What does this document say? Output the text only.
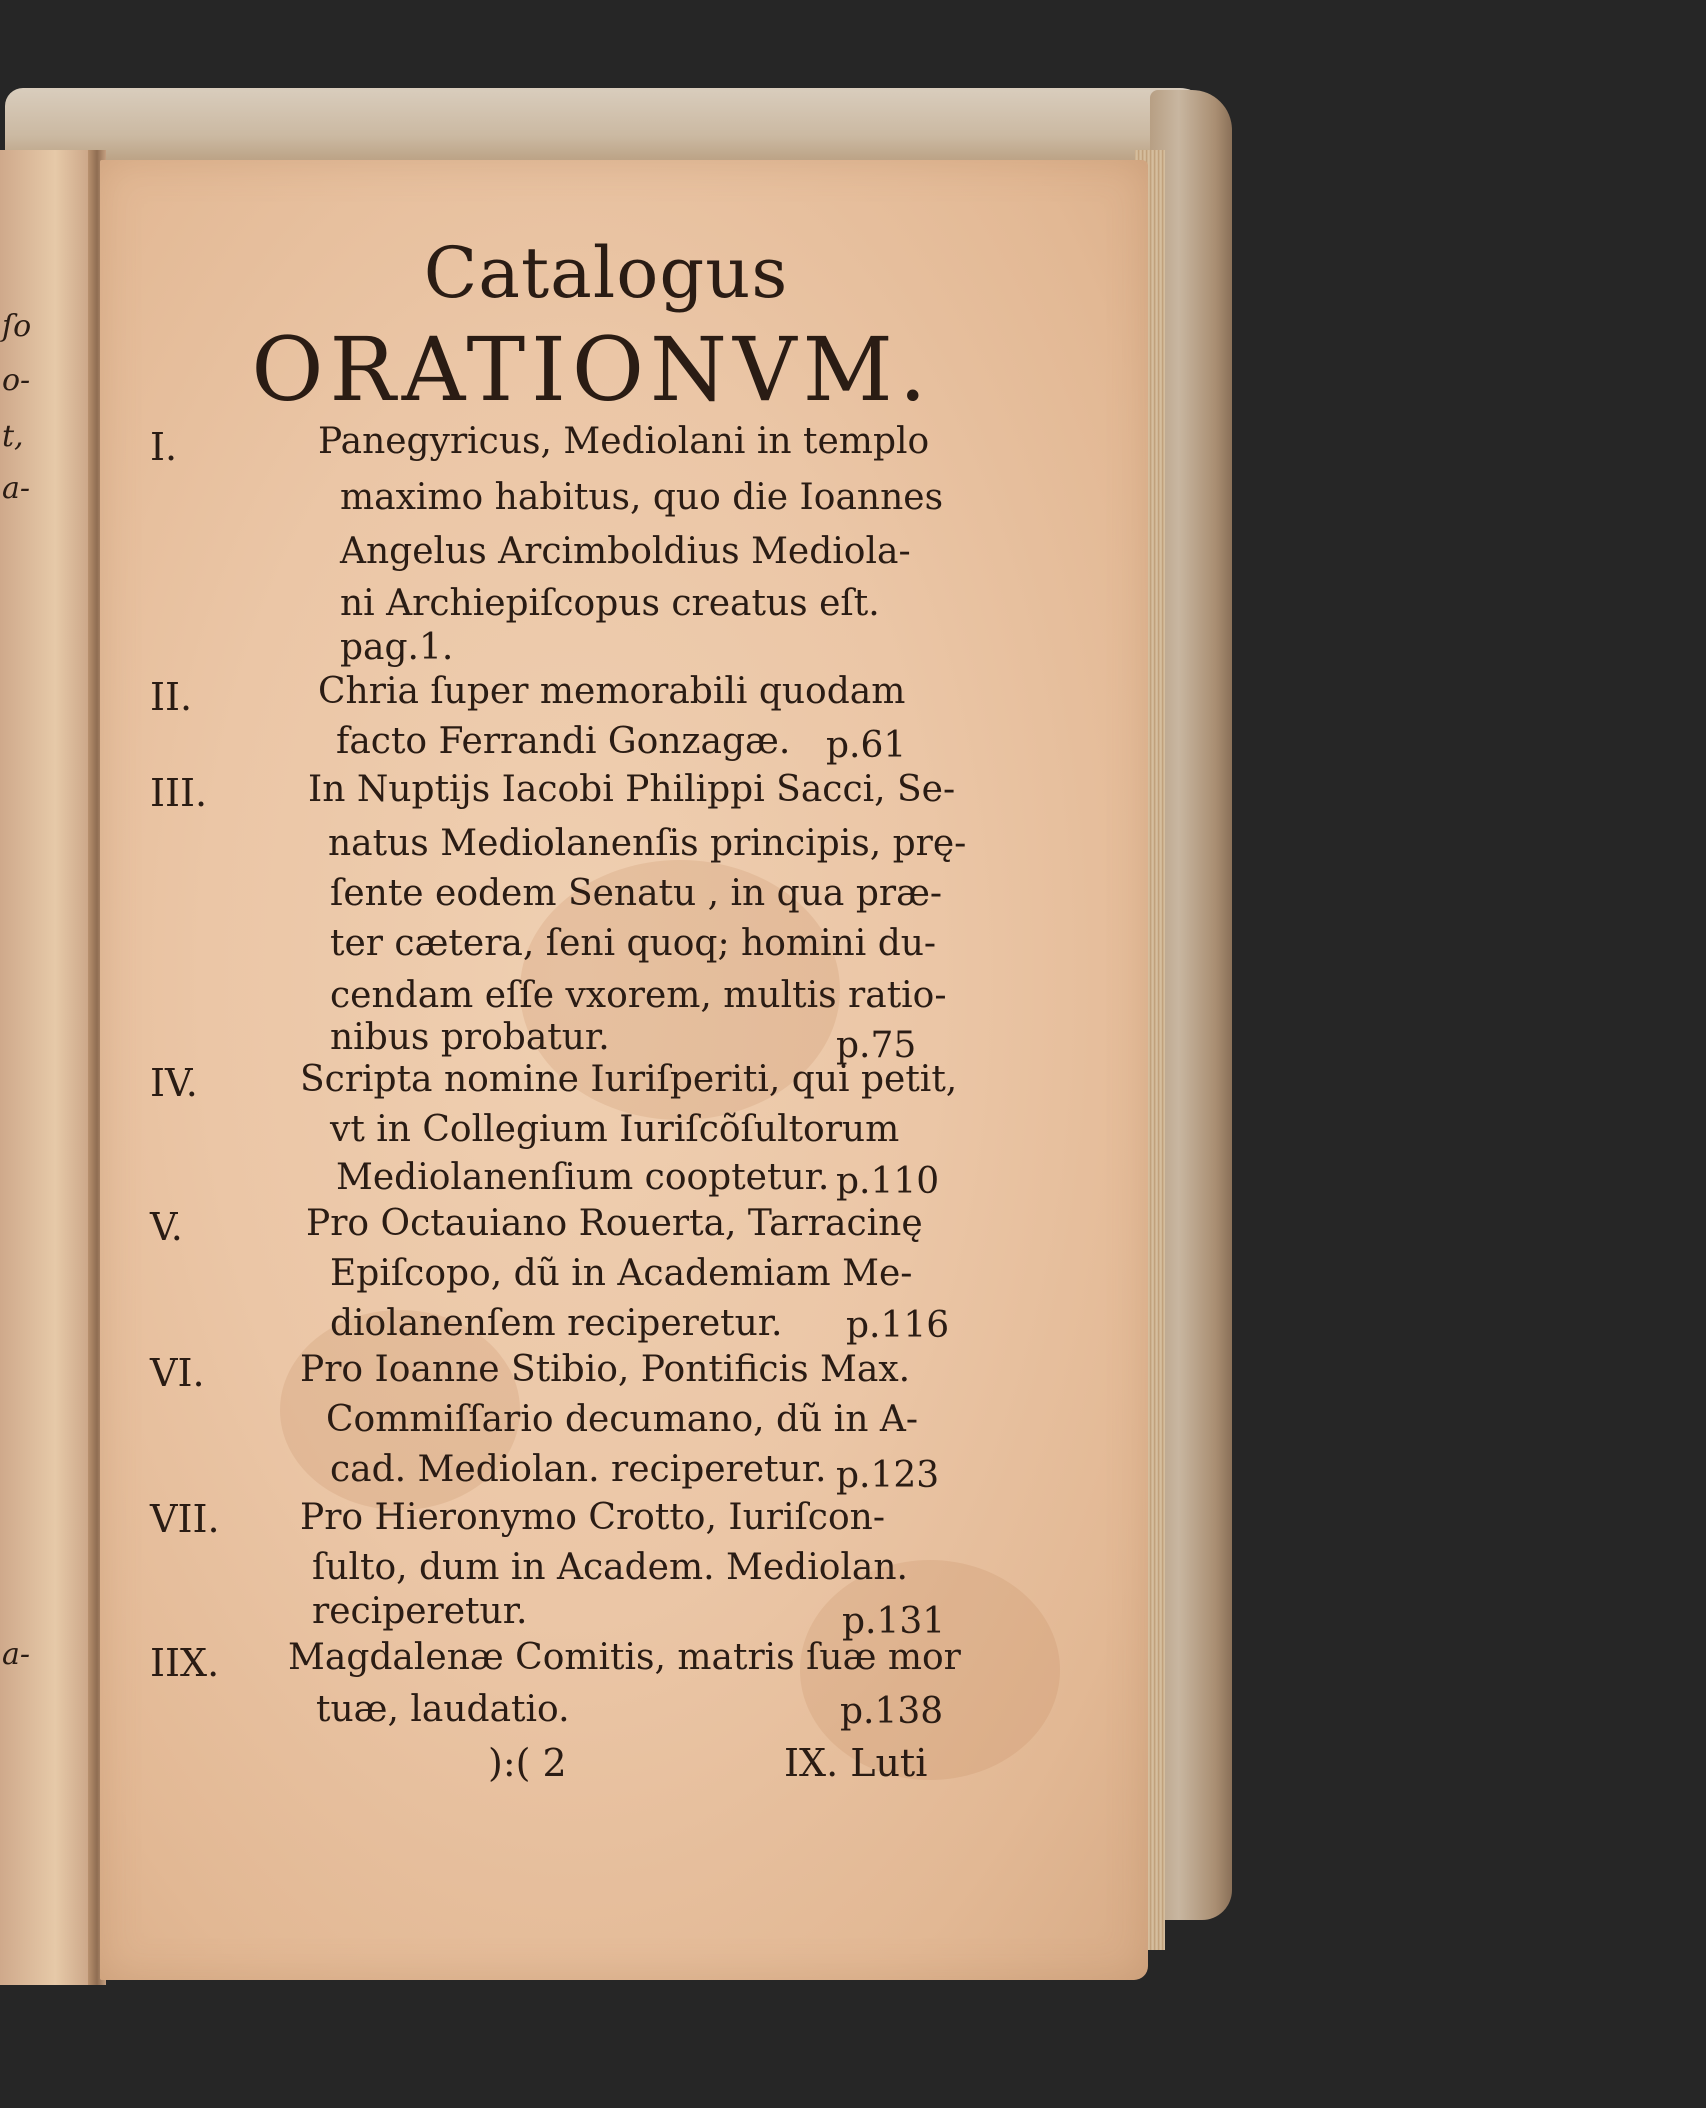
ſo
o-
t,
a-
a-
Catalogus
ORATIONVM.
I.	Panegyricus, Mediolani in templo
maximo habitus, quo die Ioannes
Angelus Arcimboldius Mediola-
ni Archiepiſcopus creatus eſt.
pag.1.
II.	Chria ſuper memorabili quodam
facto Ferrandi Gonzagæ. p.61
III.	In Nuptijs Iacobi Philippi Sacci, Se-
natus Mediolanenſis principis, prę-
ſente eodem Senatu , in qua præ-
ter cætera, ſeni quoq; homini du-
cendam eſſe vxorem, multis ratio-
nibus probatur.	p.75
IV.	Scripta nomine Iuriſperiti, qui petit,
vt in Collegium Iuriſcõſultorum
Mediolanenſium cooptetur. p.110
V.	Pro Octauiano Rouerta, Tarracinę
Epiſcopo, dũ in Academiam Me-
diolanenſem reciperetur. p.116
VI.	Pro Ioanne Stibio, Pontificis Max.
Commiſſario decumano, dũ in A-
cad. Mediolan. reciperetur. p.123
VII. Pro Hieronymo Crotto, Iuriſcon-
ſulto, dum in Academ. Mediolan.
reciperetur.	p.131
IIX. Magdalenæ Comitis, matris ſuæ mor
tuæ, laudatio.	p.138
):( 2	IX. Luti
